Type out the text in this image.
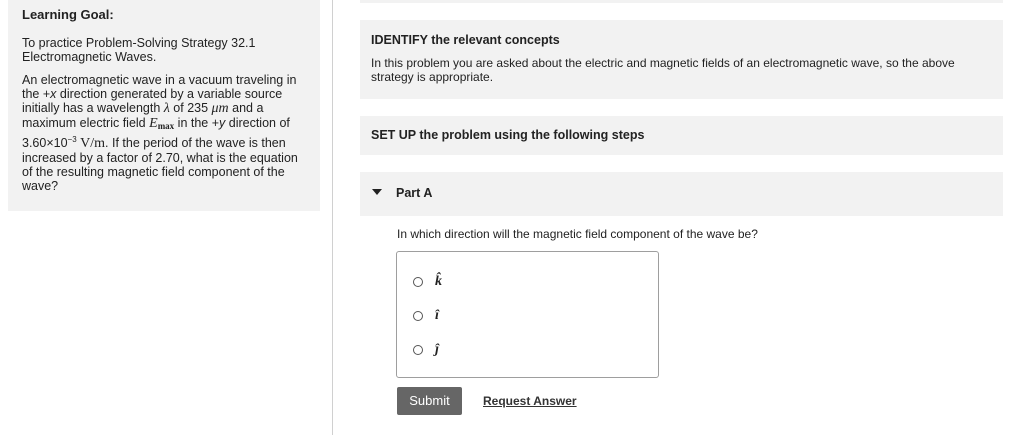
Learning Goal:
To practice Problem-Solving Strategy 32.1 Electromagnetic Waves.
An electromagnetic wave in a vacuum traveling in the +x direction generated by a variable source initially has a wavelength λ of 235 μm and a maximum electric field $E_{max}$ in the +y direction of $3.60\times 10^{-3}$ V/m. If the period of the wave is then increased by a factor of 2.70, what is the equation of the resulting magnetic field component of the wave?
IDENTIFY the relevant concepts
In this problem you are asked about the electric and magnetic fields of an electromagnetic wave, so the above strategy is appropriate.
SET UP the problem using the following steps
Part A
In which direction will the magnetic field component of the wave be?
k̂
î
ĵ
Submit	Request Answer
